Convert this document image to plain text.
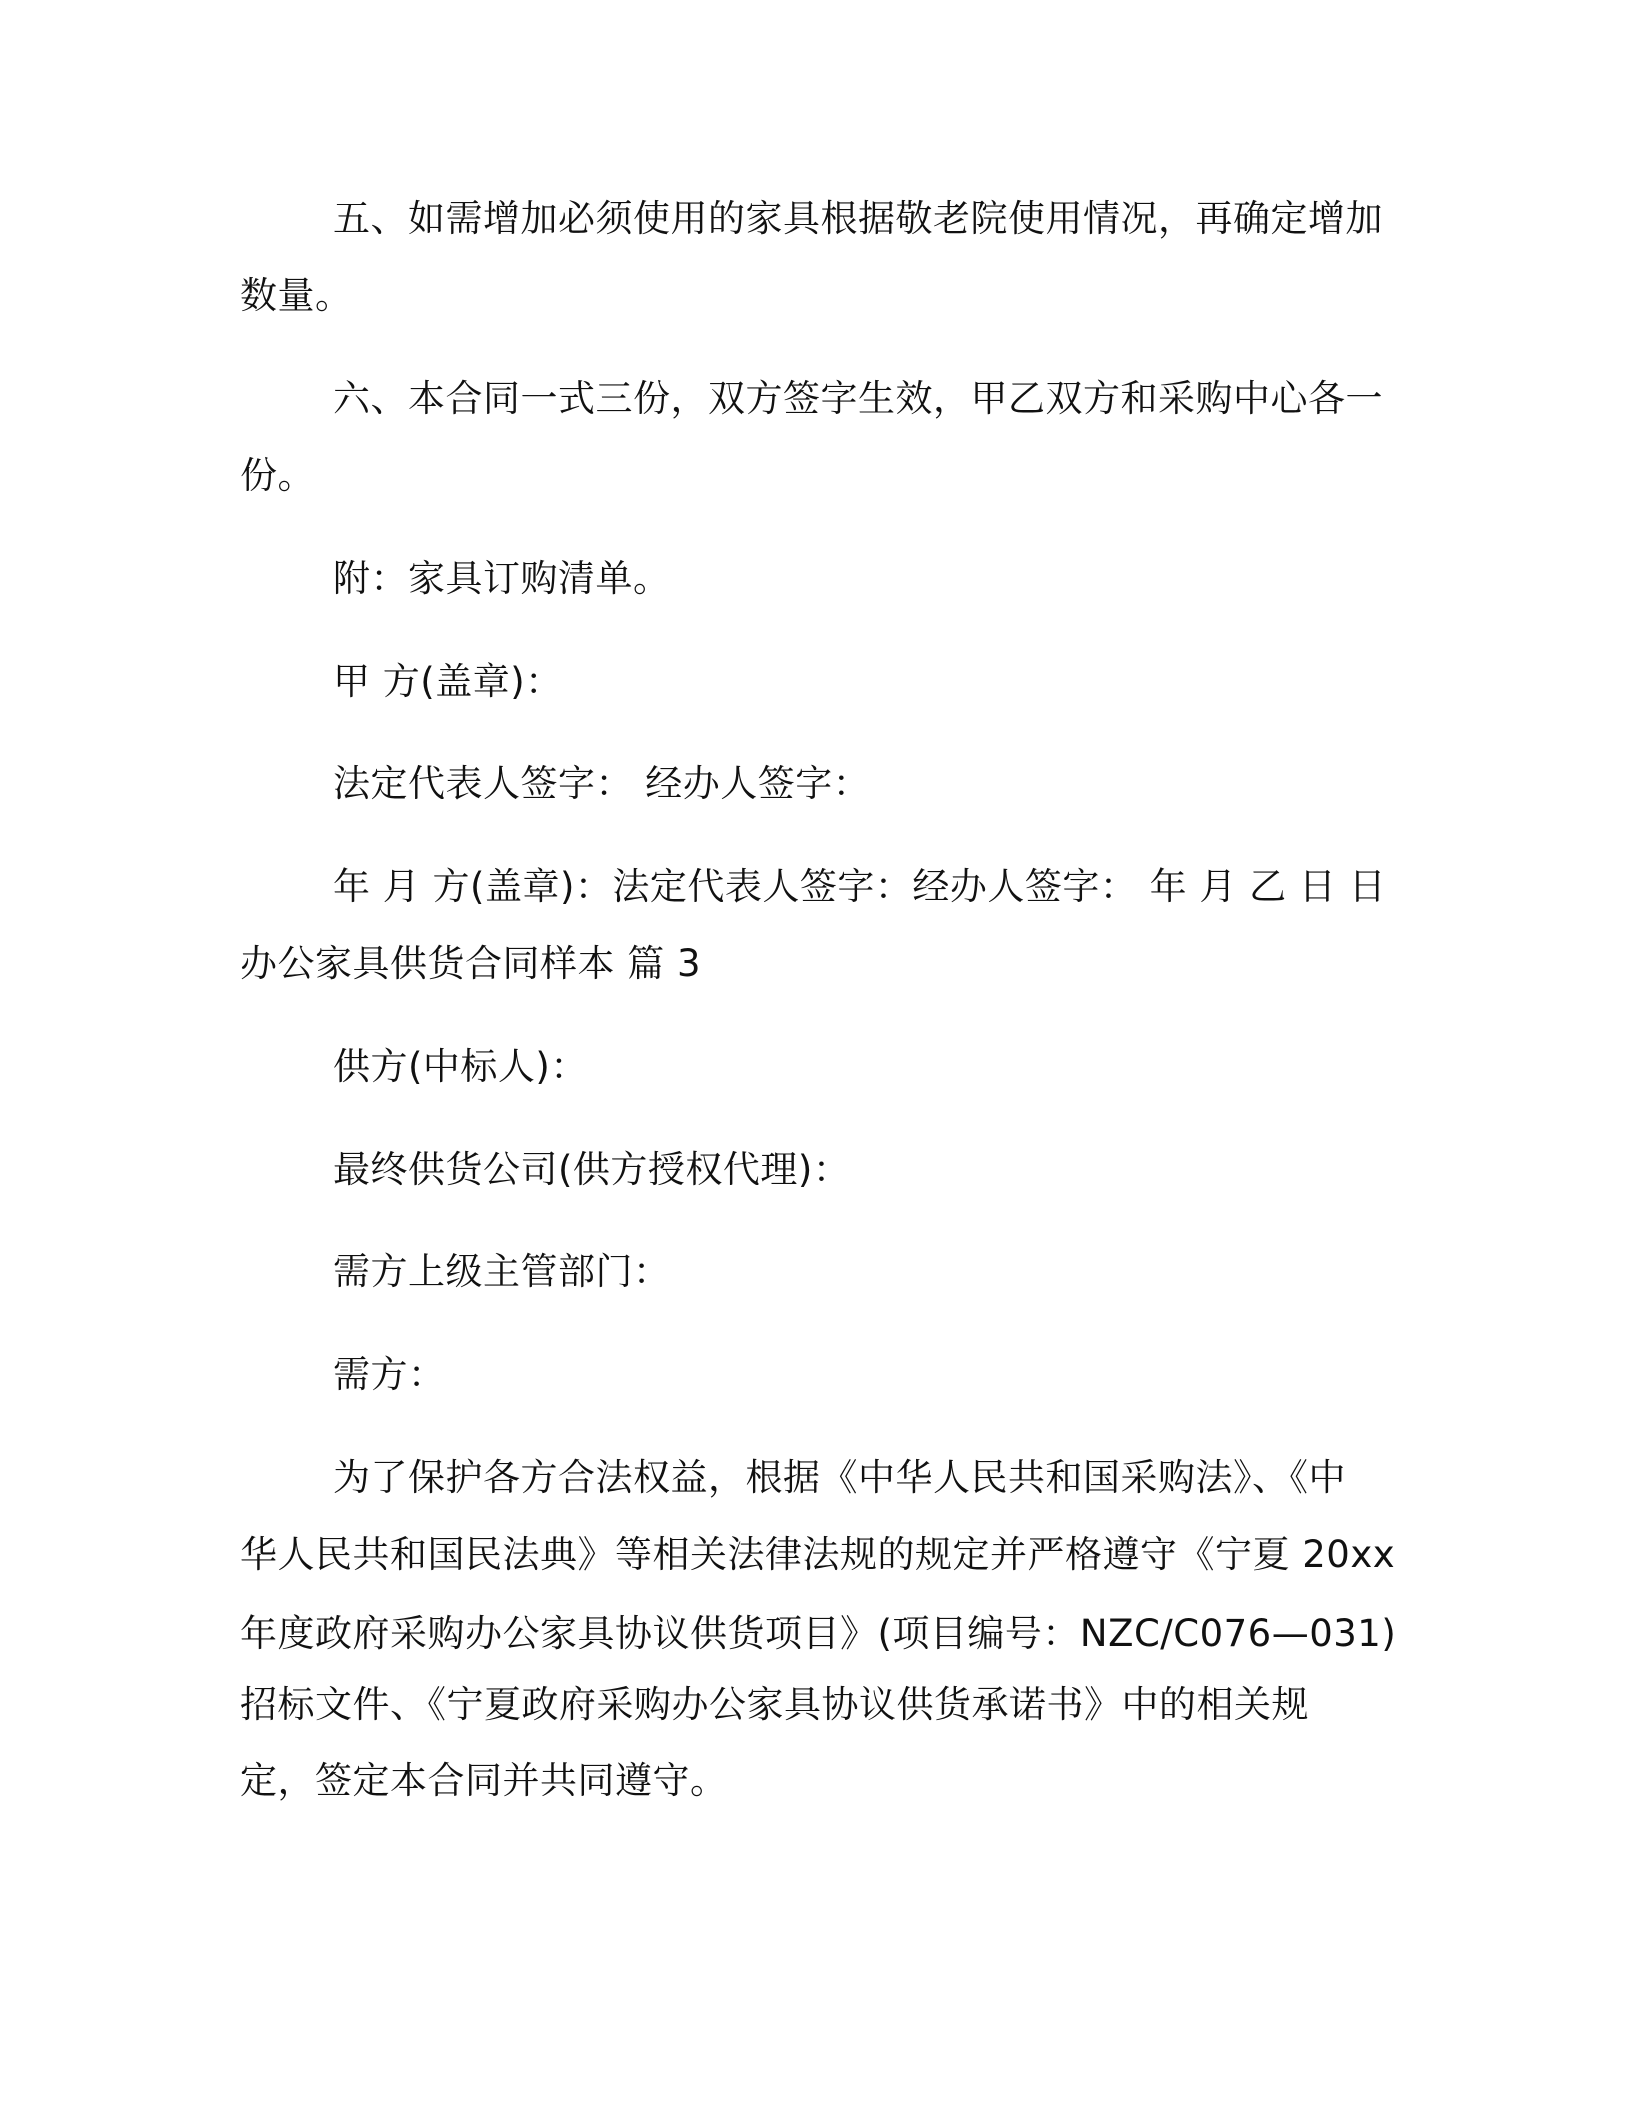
五、如需增加必须使用的家具根据敬老院使用情况，再确定增加
数量。
六、本合同一式三份，双方签字生效，甲乙双方和采购中心各一
份。
附：家具订购清单。
甲 方(盖章)：
法定代表人签字： 经办人签字：
年 月 方(盖章)：法定代表人签字：经办人签字： 年 月 乙 日 日
办公家具供货合同样本 篇 3
供方(中标人)：
最终供货公司(供方授权代理)：
需方上级主管部门：
需方：
为了保护各方合法权益，根据《中华人民共和国采购法》、《中
华人民共和国民法典》等相关法律法规的规定并严格遵守《宁夏 20xx
年度政府采购办公家具协议供货项目》(项目编号：NZC/C076—031)
招标文件、《宁夏政府采购办公家具协议供货承诺书》中的相关规
定，签定本合同并共同遵守。
